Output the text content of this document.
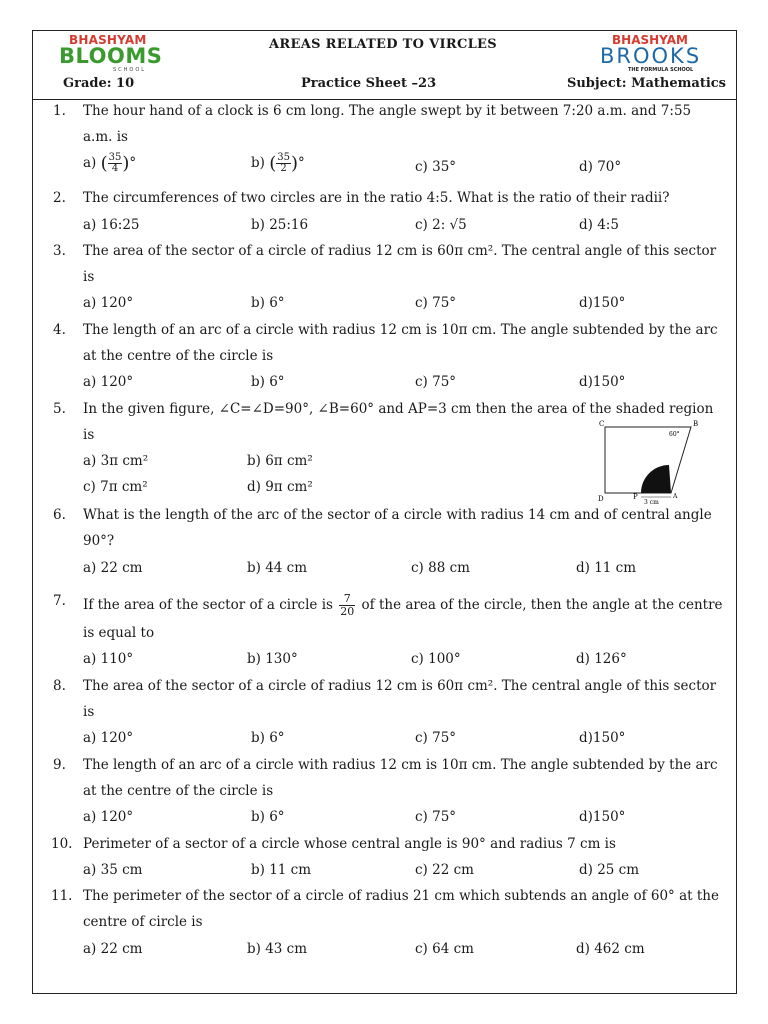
BHASHYAM
BLOOMS
SCHOOL
AREAS RELATED TO VIRCLES	BHASHYAM
BROOKS
THE FORMULA SCHOOL
Grade: 10	Practice Sheet –23	Subject: Mathematics
1. The hour hand of a clock is 6 cm long. The angle swept by it between 7:20 a.m. and 7:55
a.m. is
a) ( $\frac{35}{4}$ )°	b) ( $\frac{35}{2}$ )°	c) 35°	d) 70°
2. The circumferences of two circles are in the ratio 4:5. What is the ratio of their radii?
a) 16:25	b) 25:16	c) 2: √5	d) 4:5
3. The area of the sector of a circle of radius 12 cm is 60π cm². The central angle of this sector
is
a) 120°	b) 6°	c) 75°	d)150°
4. The length of an arc of a circle with radius 12 cm is 10π cm. The angle subtended by the arc
at the centre of the circle is
a) 120°	b) 6°	c) 75°	d)150°
5. In the given figure, ∠C=∠D=90°, ∠B=60° and AP=3 cm then the area of the shaded region
is
a) 3π cm²	b) 6π cm²
c) 7π cm²	d) 9π cm²
C	B
60°
D	P	A
3 cm
6. What is the length of the arc of the sector of a circle with radius 14 cm and of central angle
90°?
a) 22 cm	b) 44 cm	c) 88 cm	d) 11 cm
7. If the area of the sector of a circle is $\frac{7}{20}$ of the area of the circle, then the angle at the centre
is equal to
a) 110°	b) 130°	c) 100°	d) 126°
8. The area of the sector of a circle of radius 12 cm is 60π cm². The central angle of this sector
is
a) 120°	b) 6°	c) 75°	d)150°
9. The length of an arc of a circle with radius 12 cm is 10π cm. The angle subtended by the arc
at the centre of the circle is
a) 120°	b) 6°	c) 75°	d)150°
10. Perimeter of a sector of a circle whose central angle is 90° and radius 7 cm is
a) 35 cm	b) 11 cm	c) 22 cm	d) 25 cm
11. The perimeter of the sector of a circle of radius 21 cm which subtends an angle of 60° at the
centre of circle is
a) 22 cm	b) 43 cm	c) 64 cm	d) 462 cm
